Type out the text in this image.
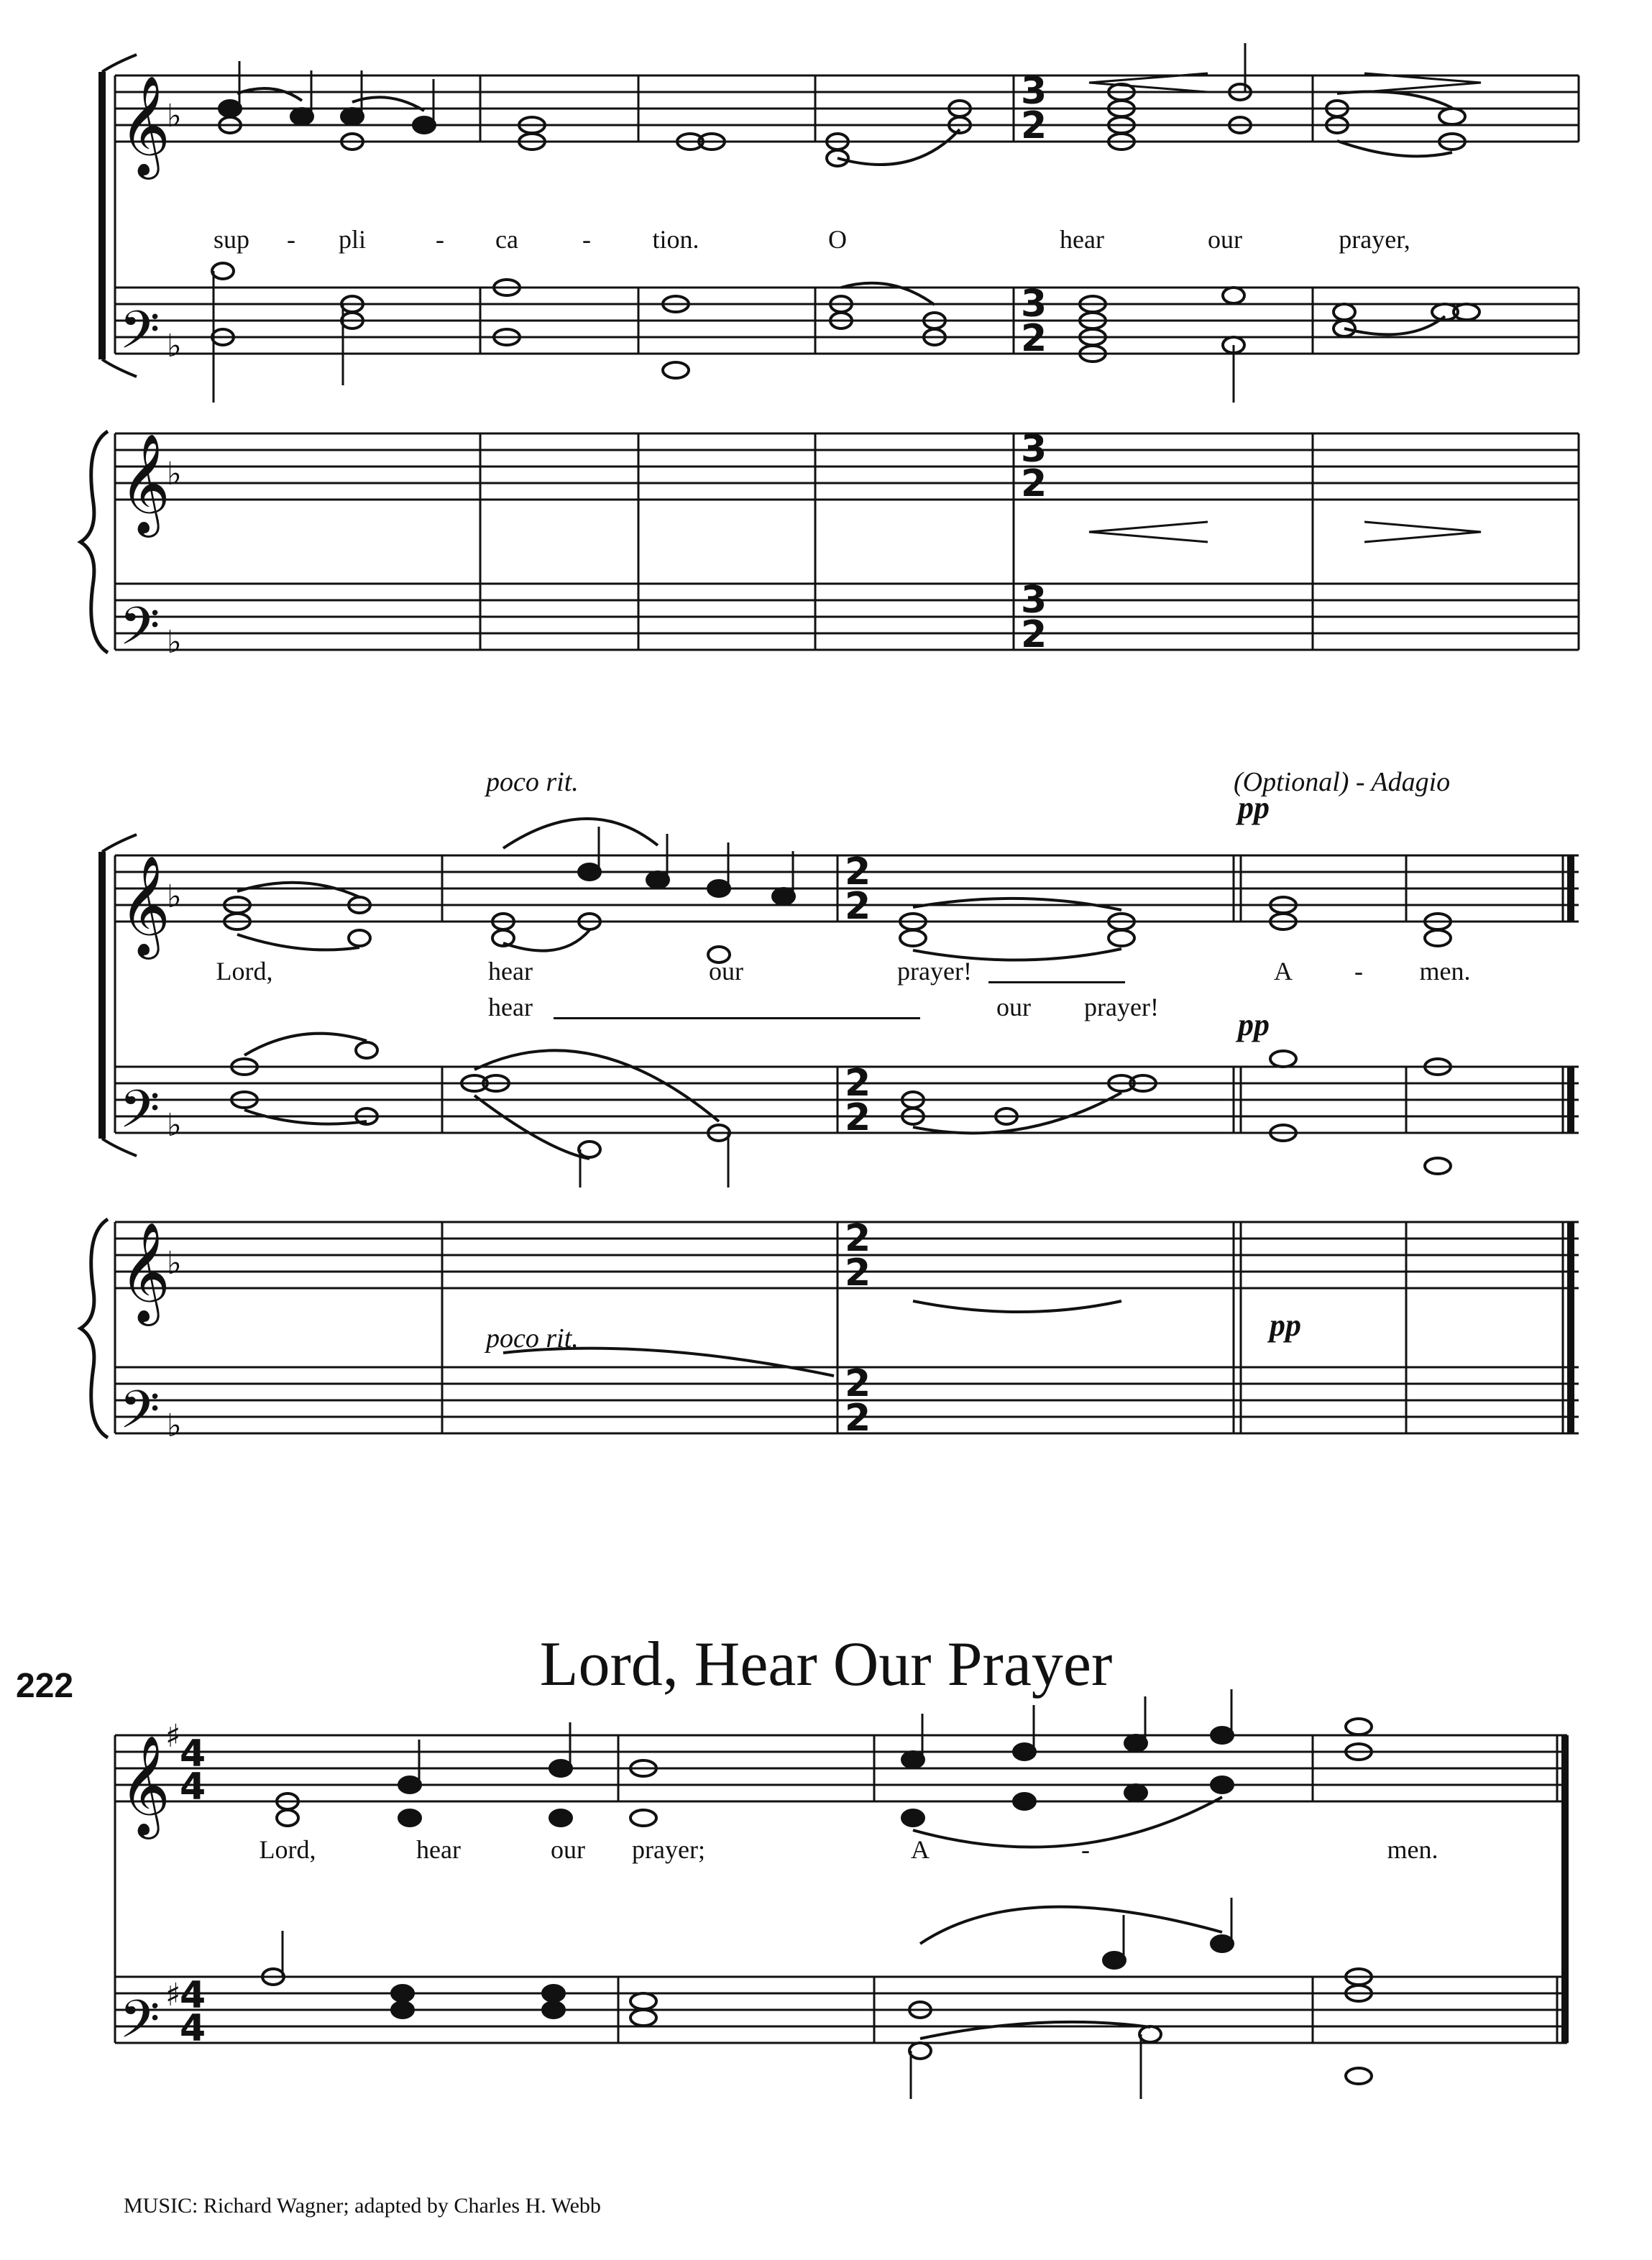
𝄞
𝄢
𝄞
𝄢
𝄞
𝄢
𝄞
𝄢
𝄞
𝄢
♭
♭
♭
♭
♭
♭
♭
♭
♯
♯
4
4
4
4
3
2
3
2
3
2
3
2
2
2
2
2
2
2
2
2
sup - pli	- ca - tion.	O	hear	our	prayer,
poco rit.	(Optional) - Adagio
pp
Lord,	hear	our	prayer!	A - men.
hear	our prayer!	pp
poco rit.	pp
222	Lord, Hear Our Prayer
Lord,	hear	our prayer;	A	-	men.
MUSIC: Richard Wagner; adapted by Charles H. Webb
